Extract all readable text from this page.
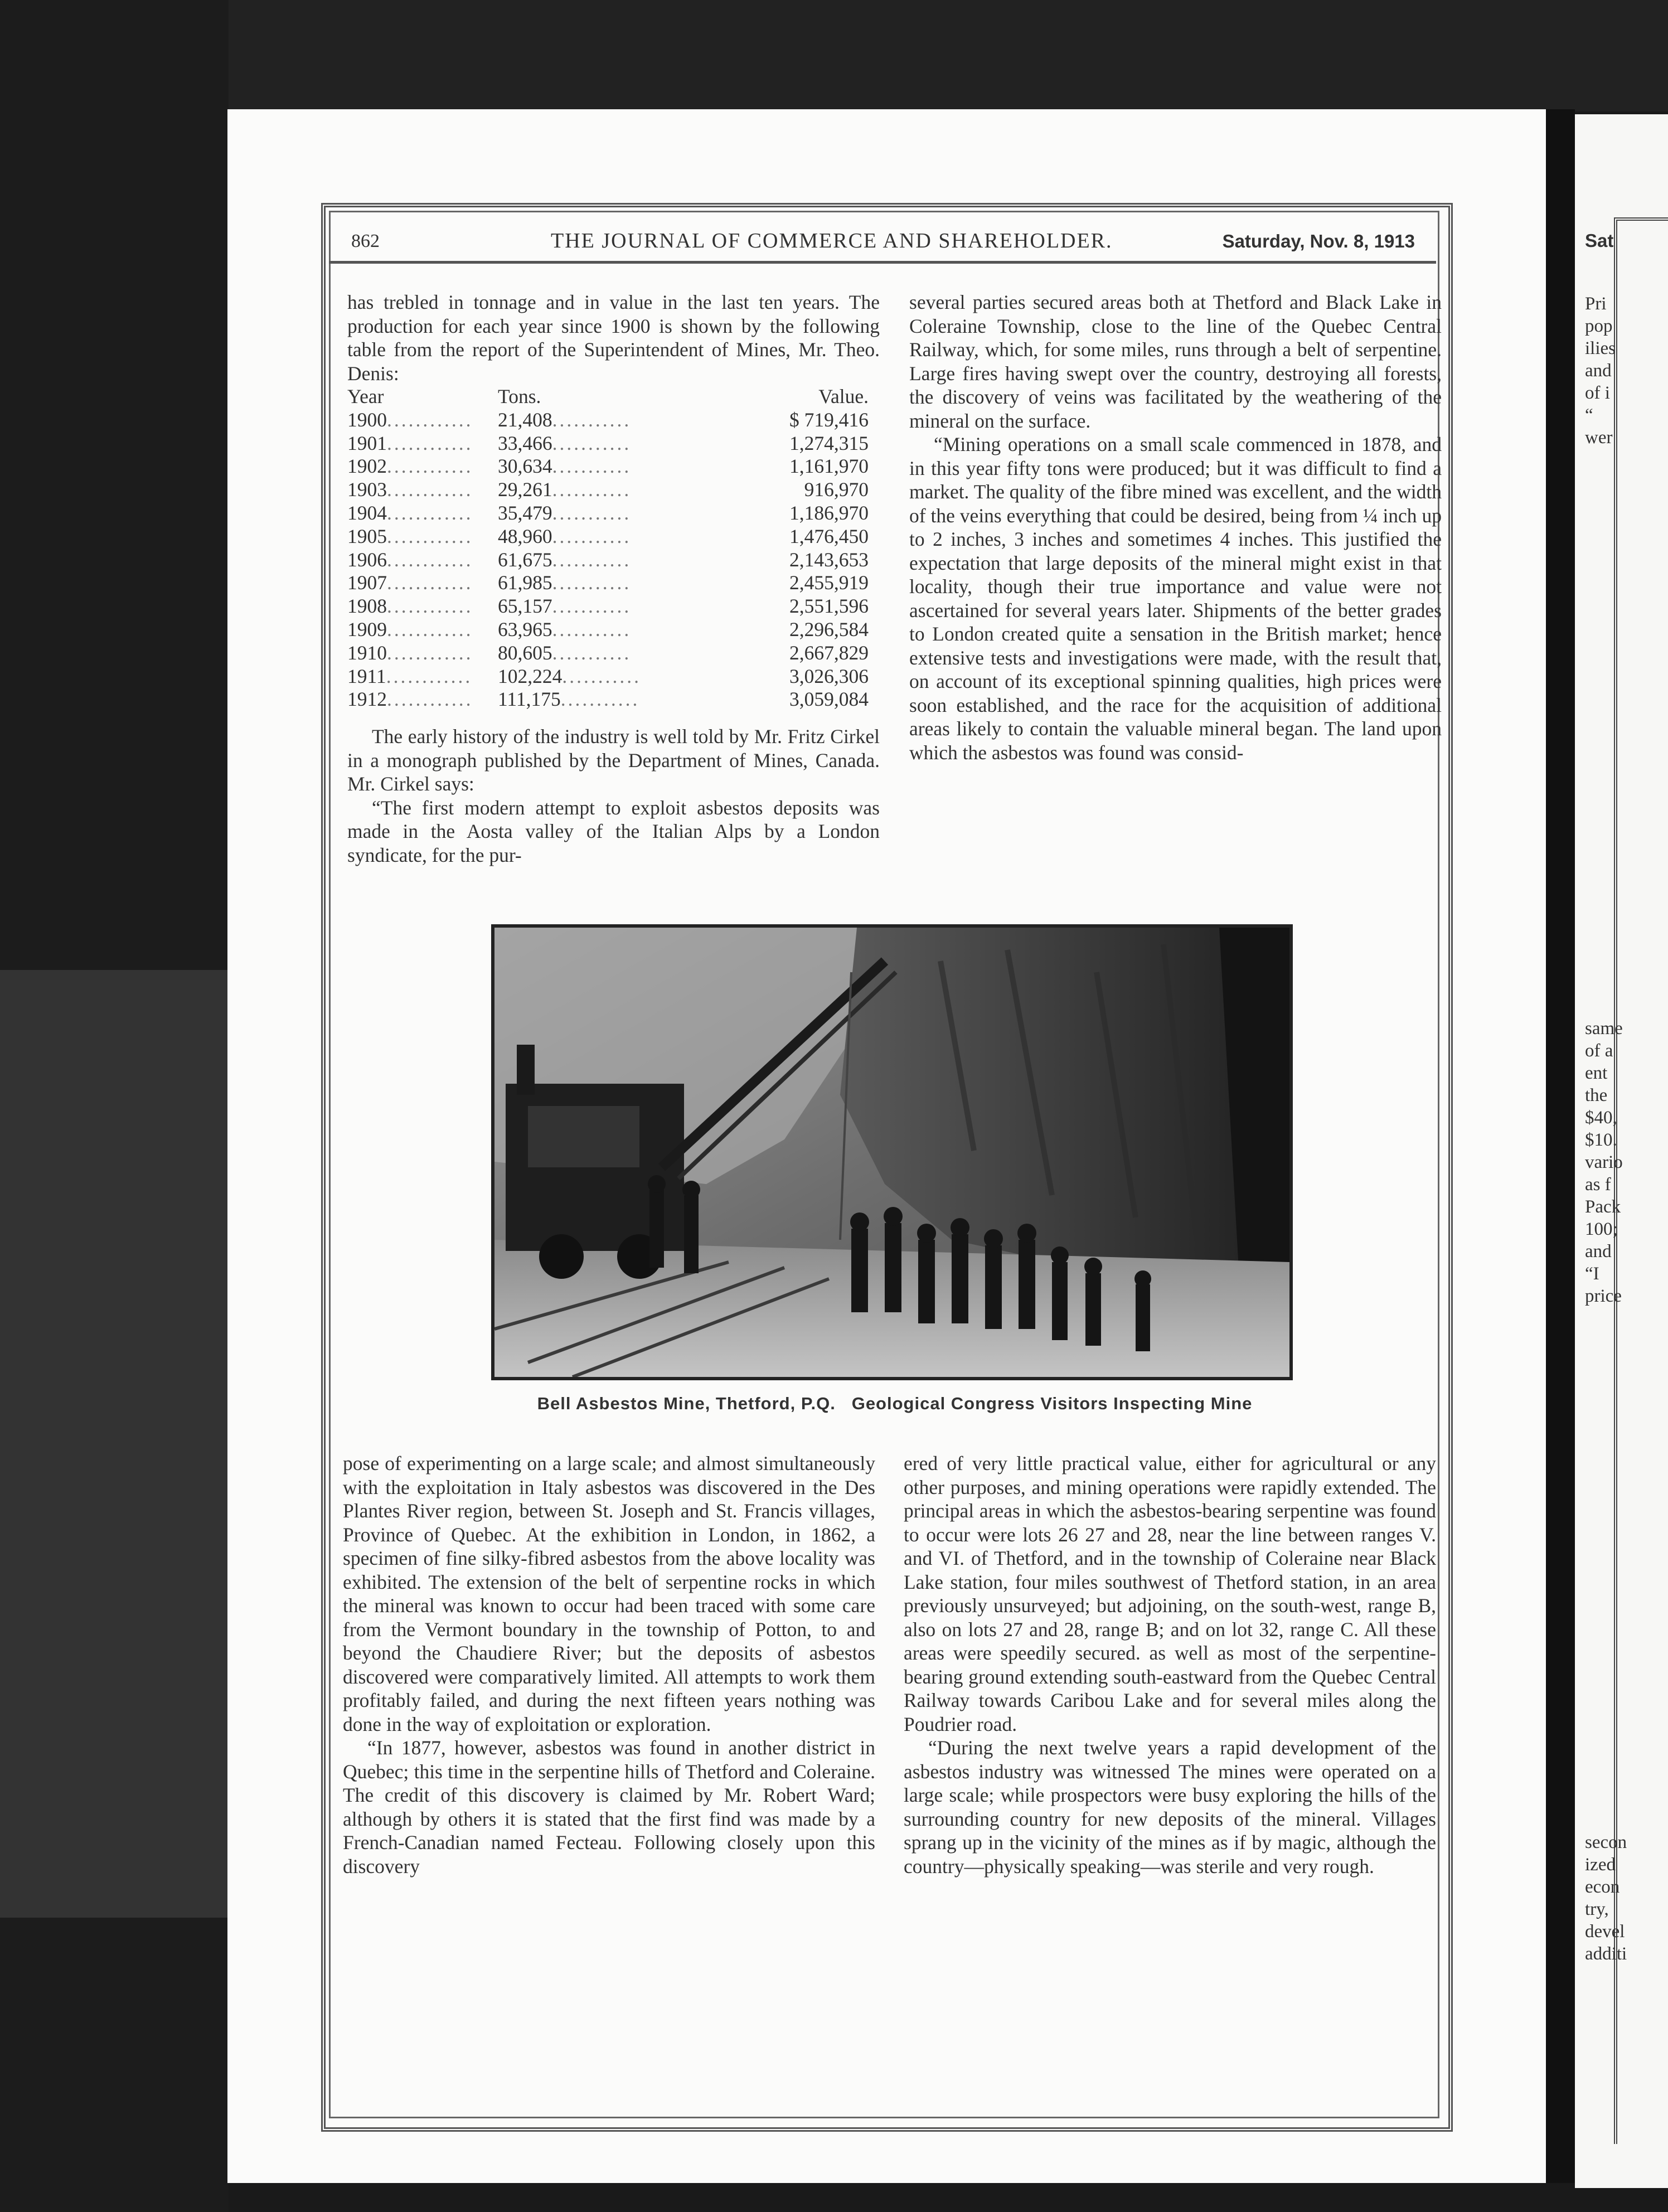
862	THE JOURNAL OF COMMERCE AND SHAREHOLDER.	Saturday, Nov. 8, 1913

has trebled in tonnage and in value in the last ten years. The production for each year since 1900 is shown by the following table from the report of the Superintendent of Mines, Mr. Theo. Denis:

Year	Tons.	Value.
1900............	21,408...........	$ 719,416
1901............	33,466...........	1,274,315
1902............	30,634...........	1,161,970
1903............	29,261...........	916,970
1904............	35,479...........	1,186,970
1905............	48,960...........	1,476,450
1906............	61,675...........	2,143,653
1907............	61,985...........	2,455,919
1908............	65,157...........	2,551,596
1909............	63,965...........	2,296,584
1910............	80,605...........	2,667,829
1911............	102,224...........	3,026,306
1912............	111,175...........	3,059,084

The early history of the industry is well told by Mr. Fritz Cirkel in a monograph published by the Department of Mines, Canada. Mr. Cirkel says:

“The first modern attempt to exploit asbestos deposits was made in the Aosta valley of the Italian Alps by a London syndicate, for the pur-

several parties secured areas both at Thetford and Black Lake in Coleraine Township, close to the line of the Quebec Central Railway, which, for some miles, runs through a belt of serpentine. Large fires having swept over the country, destroying all forests, the discovery of veins was facilitated by the weathering of the mineral on the surface.

“Mining operations on a small scale commenced in 1878, and in this year fifty tons were produced; but it was difficult to find a market. The quality of the fibre mined was excellent, and the width of the veins everything that could be desired, being from ¼ inch up to 2 inches, 3 inches and sometimes 4 inches. This justified the expectation that large deposits of the mineral might exist in that locality, though their true importance and value were not ascertained for several years later. Shipments of the better grades to London created quite a sensation in the British market; hence extensive tests and investigations were made, with the result that, on account of its exceptional spinning qualities, high prices were soon established, and the race for the acquisition of additional areas likely to contain the valuable mineral began. The land upon which the asbestos was found was consid-

Bell Asbestos Mine, Thetford, P.Q.   Geological Congress Visitors Inspecting Mine

pose of experimenting on a large scale; and almost simultaneously with the exploitation in Italy asbestos was discovered in the Des Plantes River region, between St. Joseph and St. Francis villages, Province of Quebec. At the exhibition in London, in 1862, a specimen of fine silky-fibred asbestos from the above locality was exhibited. The extension of the belt of serpentine rocks in which the mineral was known to occur had been traced with some care from the Vermont boundary in the township of Potton, to and beyond the Chaudiere River; but the deposits of asbestos discovered were comparatively limited. All attempts to work them profitably failed, and during the next fifteen years nothing was done in the way of exploitation or exploration.

“In 1877, however, asbestos was found in another district in Quebec; this time in the serpentine hills of Thetford and Coleraine. The credit of this discovery is claimed by Mr. Robert Ward; although by others it is stated that the first find was made by a French-Canadian named Fecteau. Following closely upon this discovery

ered of very little practical value, either for agricultural or any other purposes, and mining operations were rapidly extended. The principal areas in which the asbestos-bearing serpentine was found to occur were lots 26 27 and 28, near the line between ranges V. and VI. of Thetford, and in the township of Coleraine near Black Lake station, four miles southwest of Thetford station, in an area previously unsurveyed; but adjoining, on the south-west, range B, also on lots 27 and 28, range B; and on lot 32, range C. All these areas were speedily secured. as well as most of the serpentine-bearing ground extending south-eastward from the Quebec Central Railway towards Caribou Lake and for several miles along the Poudrier road.

“During the next twelve years a rapid development of the asbestos industry was witnessed The mines were operated on a large scale; while prospectors were busy exploring the hills of the surrounding country for new deposits of the mineral. Villages sprang up in the vicinity of the mines as if by magic, although the country—physically speaking—was sterile and very rough.

Sat
Pri
pop
ilies
and
of i
“
wer
same
of a
ent
the
$40,
$10.
vario
as f
Pack
100;
and
“I
price
secon
ized
econ
try,
devel
additi
